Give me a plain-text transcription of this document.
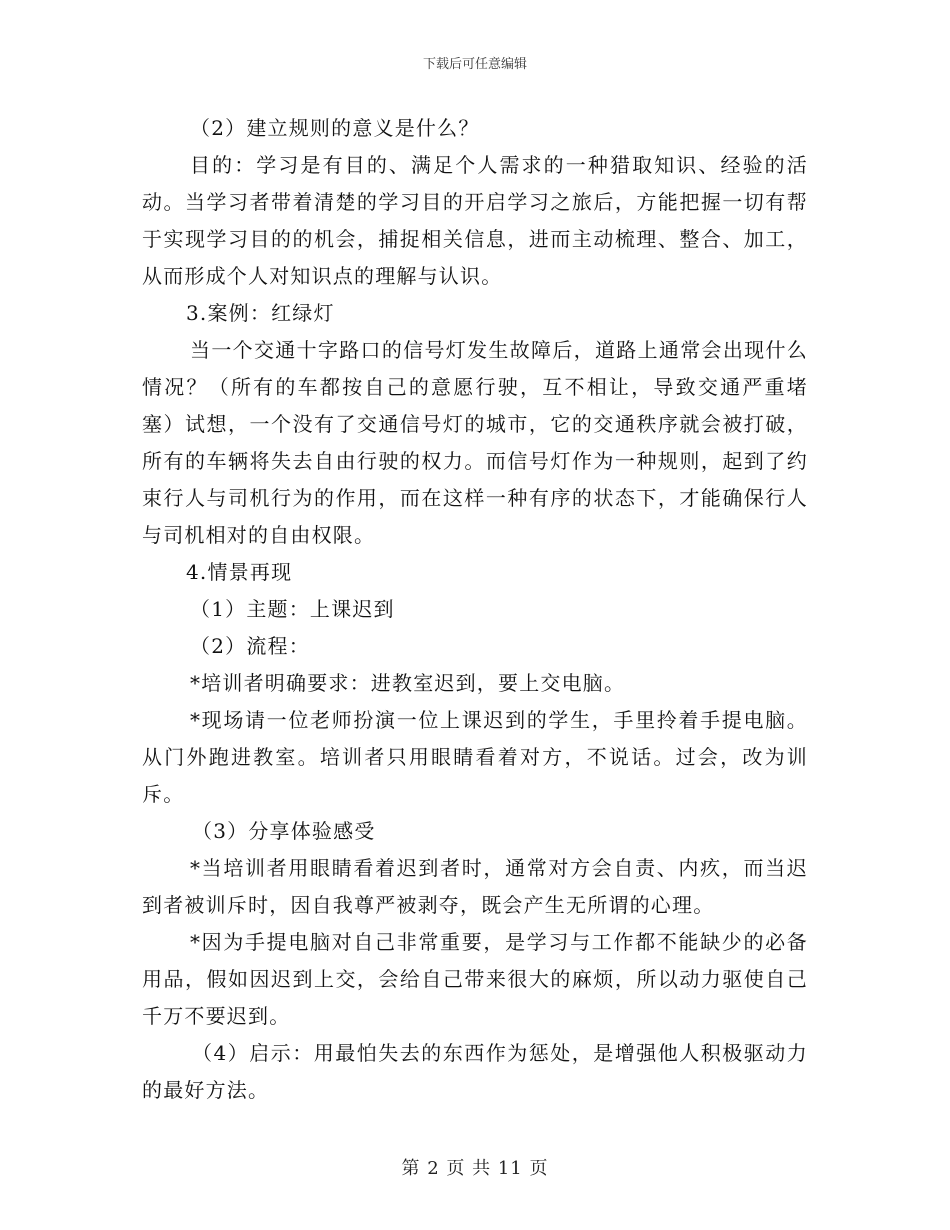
下载后可任意编辑

（2）建立规则的意义是什么？

目的：学习是有目的、满足个人需求的一种猎取知识、经验的活动。当学习者带着清楚的学习目的开启学习之旅后，方能把握一切有帮于实现学习目的的机会，捕捉相关信息，进而主动梳理、整合、加工，从而形成个人对知识点的理解与认识。

3.案例：红绿灯

当一个交通十字路口的信号灯发生故障后，道路上通常会出现什么情况？（所有的车都按自己的意愿行驶，互不相让，导致交通严重堵塞）试想，一个没有了交通信号灯的城市，它的交通秩序就会被打破，所有的车辆将失去自由行驶的权力。而信号灯作为一种规则，起到了约束行人与司机行为的作用，而在这样一种有序的状态下，才能确保行人与司机相对的自由权限。

4.情景再现

（1）主题：上课迟到

（2）流程：

*培训者明确要求：进教室迟到，要上交电脑。

*现场请一位老师扮演一位上课迟到的学生，手里拎着手提电脑。从门外跑进教室。培训者只用眼睛看着对方，不说话。过会，改为训斥。

（3）分享体验感受

*当培训者用眼睛看着迟到者时，通常对方会自责、内疚，而当迟到者被训斥时，因自我尊严被剥夺，既会产生无所谓的心理。

*因为手提电脑对自己非常重要，是学习与工作都不能缺少的必备用品，假如因迟到上交，会给自己带来很大的麻烦，所以动力驱使自己千万不要迟到。

（4）启示：用最怕失去的东西作为惩处，是增强他人积极驱动力的最好方法。

第 2 页 共 11 页
